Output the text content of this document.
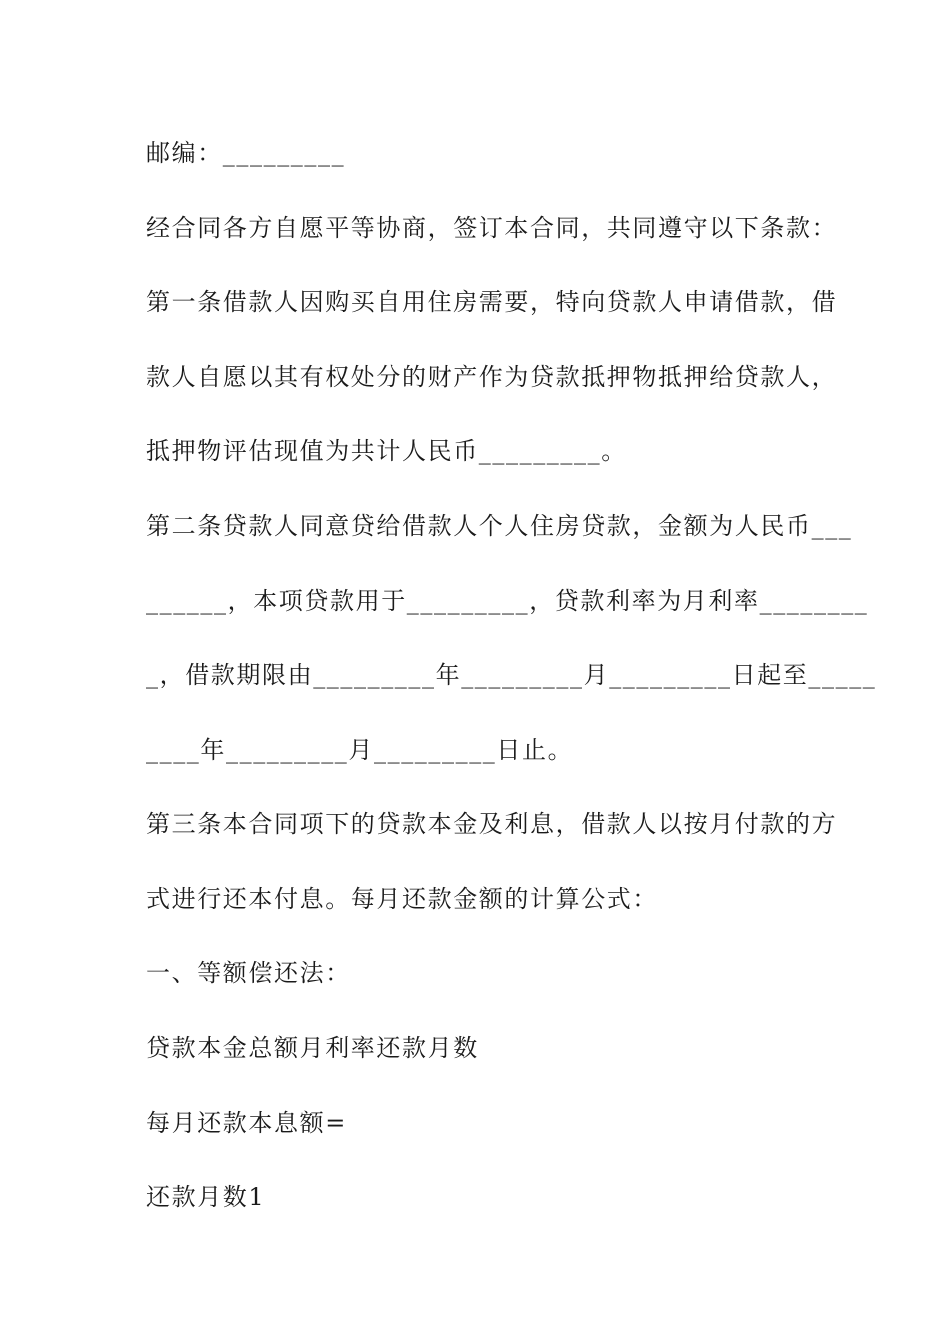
邮编：_________
经合同各方自愿平等协商，签订本合同，共同遵守以下条款：
第一条借款人因购买自用住房需要，特向贷款人申请借款，借
款人自愿以其有权处分的财产作为贷款抵押物抵押给贷款人，
抵押物评估现值为共计人民币_________。
第二条贷款人同意贷给借款人个人住房贷款，金额为人民币___
______，本项贷款用于_________，贷款利率为月利率________
_，借款期限由_________年_________月_________日起至_____
____年_________月_________日止。
第三条本合同项下的贷款本金及利息，借款人以按月付款的方
式进行还本付息。每月还款金额的计算公式：
一、等额偿还法：
贷款本金总额月利率还款月数
每月还款本息额=
还款月数1
